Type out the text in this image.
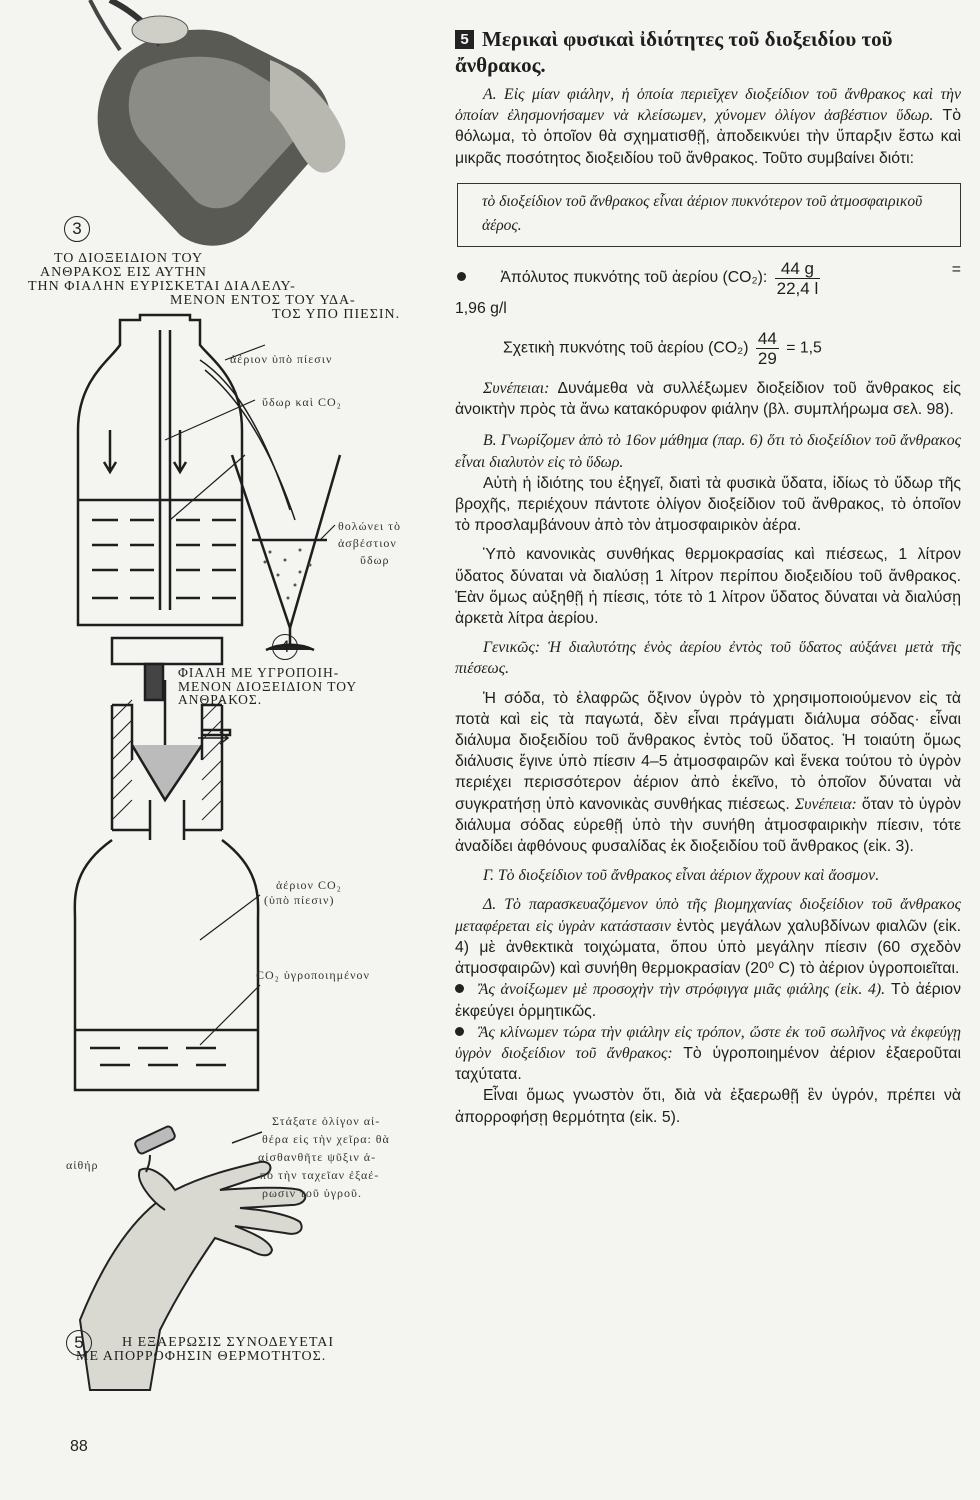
3
ΤΟ ΔΙΟΞΕΙΔΙΟΝ ΤΟΥ
ΑΝΘΡΑΚΟΣ ΕΙΣ ΑΥΤΗΝ
ΤΗΝ ΦΙΑΛΗΝ ΕΥΡΙΣΚΕΤΑΙ ΔΙΑΛΕΛΥ-
ΜΕΝΟΝ ΕΝΤΟΣ ΤΟΥ ΥΔΑ-
ΤΟΣ ΥΠΟ ΠΙΕΣΙΝ.
ἀέριον ὑπὸ πίεσιν
ὕδωρ καὶ CO₂
θολώνει τὸ
ἀσβέστιον
ὕδωρ
4
ΦΙΑΛΗ ΜΕ ΥΓΡΟΠΟΙΗ-
ΜΕΝΟΝ ΔΙΟΞΕΙΔΙΟΝ ΤΟΥ
ΑΝΘΡΑΚΟΣ.
ἀέριον CO₂
(ὑπὸ πίεσιν)
CO₂ ὑγροποιημένον
αἰθήρ
Στάξατε ὀλίγον αἰ-
θέρα εἰς τὴν χεῖρα: θὰ
αἰσθανθῆτε ψῦξιν ἀ-
πὸ τὴν ταχεῖαν ἐξαέ-
ρωσιν τοῦ ὑγροῦ.
5	Η ΕΞΑΕΡΩΣΙΣ ΣΥΝΟΔΕΥΕΤΑΙ
ΜΕ ΑΠΟΡΡΟΦΗΣΙΝ ΘΕΡΜΟΤΗΤΟΣ.
88
5 Μερικαὶ φυσικαὶ ἰδιότητες τοῦ διοξειδίου τοῦ ἄνθρακος.

Α. Εἰς μίαν φιάλην, ἡ ὁποία περιεῖχεν διοξείδιον τοῦ ἄνθρακος καὶ τὴν ὁποίαν ἐλησμονήσαμεν νὰ κλείσωμεν, χύνομεν ὀλίγον ἀσβέστιον ὕδωρ. Τὸ θόλωμα, τὸ ὁποῖον θὰ σχηματισθῇ, ἀποδεικνύει τὴν ὕπαρξιν ἔστω καὶ μικρᾶς ποσότητος διοξειδίου τοῦ ἄνθρακος. Τοῦτο συμβαίνει διότι:

τὸ διοξείδιον τοῦ ἄνθρακος εἶναι ἀέριον πυκνότερον τοῦ ἀτμοσφαιρικοῦ ἀέρος.

Ἀπόλυτος πυκνότης τοῦ ἀερίου (CO₂): $\frac{44 g}{22,4 l}$	=

1,96 g/l

Σχετικὴ πυκνότης τοῦ ἀερίου $(CO_2) \frac{44}{29} = 1,5$

Συνέπειαι: Δυνάμεθα νὰ συλλέξωμεν διοξείδιον τοῦ ἄνθρακος εἰς ἀνοικτὴν πρὸς τὰ ἄνω κατακόρυφον φιάλην (βλ. συμπλήρωμα σελ. 98).

Β. Γνωρίζομεν ἀπὸ τὸ 16ον μάθημα (παρ. 6) ὅτι τὸ διοξείδιον τοῦ ἄνθρακος εἶναι διαλυτὸν εἰς τὸ ὕδωρ.

Αὐτὴ ἡ ἰδιότης του ἐξηγεῖ, διατὶ τὰ φυσικὰ ὕδατα, ἰδίως τὸ ὕδωρ τῆς βροχῆς, περιέχουν πάντοτε ὀλίγον διοξείδιον τοῦ ἄνθρακος, τὸ ὁποῖον τὸ προσλαμβάνουν ἀπὸ τὸν ἀτμοσφαιρικὸν ἀέρα.

Ὑπὸ κανονικὰς συνθήκας θερμοκρασίας καὶ πιέσεως, 1 λίτρον ὕδατος δύναται νὰ διαλύσῃ 1 λίτρον περίπου διοξειδίου τοῦ ἄνθρακος. Ἐὰν ὅμως αὐξηθῇ ἡ πίεσις, τότε τὸ 1 λίτρον ὕδατος δύναται νὰ διαλύσῃ ἀρκετὰ λίτρα ἀερίου.

Γενικῶς: Ἡ διαλυτότης ἑνὸς ἀερίου ἐντὸς τοῦ ὕδατος αὐξάνει μετὰ τῆς πιέσεως.

Ἡ σόδα, τὸ ἐλαφρῶς ὄξινον ὑγρὸν τὸ χρησιμοποιούμενον εἰς τὰ ποτὰ καὶ εἰς τὰ παγωτά, δὲν εἶναι πράγματι διάλυμα σόδας· εἶναι διάλυμα διοξειδίου τοῦ ἄνθρακος ἐντὸς τοῦ ὕδατος. Ἡ τοιαύτη ὅμως διάλυσις ἔγινε ὑπὸ πίεσιν 4–5 ἀτμοσφαιρῶν καὶ ἕνεκα τούτου τὸ ὑγρὸν περιέχει περισσότερον ἀέριον ἀπὸ ἐκεῖνο, τὸ ὁποῖον δύναται νὰ συγκρατήσῃ ὑπὸ κανονικὰς συνθήκας πιέσεως. Συνέπεια: ὅταν τὸ ὑγρὸν διάλυμα σόδας εὑρεθῇ ὑπὸ τὴν συνήθη ἀτμοσφαιρικὴν πίεσιν, τότε ἀναδίδει ἀφθόνους φυσαλίδας ἐκ διοξειδίου τοῦ ἄνθρακος (εἰκ. 3).

Γ. Τὸ διοξείδιον τοῦ ἄνθρακος εἶναι ἀέριον ἄχρουν καὶ ἄοσμον.

Δ. Τὸ παρασκευαζόμενον ὑπὸ τῆς βιομηχανίας διοξείδιον τοῦ ἄνθρακος μεταφέρεται εἰς ὑγρὰν κατάστασιν ἐντὸς μεγάλων χαλυβδίνων φιαλῶν (εἰκ. 4) μὲ ἀνθεκτικὰ τοιχώματα, ὅπου ὑπὸ μεγάλην πίεσιν (60 σχεδὸν ἀτμοσφαιρῶν) καὶ συνήθη θερμοκρασίαν (20⁰ C) τὸ ἀέριον ὑγροποιεῖται.

Ἂς ἀνοίξωμεν μὲ προσοχὴν τὴν στρόφιγγα μιᾶς φιάλης (εἰκ. 4). Τὸ ἀέριον ἐκφεύγει ὁρμητικῶς.

Ἂς κλίνωμεν τώρα τὴν φιάλην εἰς τρόπον, ὥστε ἐκ τοῦ σωλῆνος νὰ ἐκφεύγῃ ὑγρὸν διοξείδιον τοῦ ἄνθρακος: Τὸ ὑγροποιημένον ἀέριον ἐξαεροῦται ταχύτατα.

Εἶναι ὅμως γνωστὸν ὅτι, διὰ νὰ ἐξαερωθῇ ἓν ὑγρόν, πρέπει νὰ ἀπορροφήσῃ θερμότητα (εἰκ. 5).
